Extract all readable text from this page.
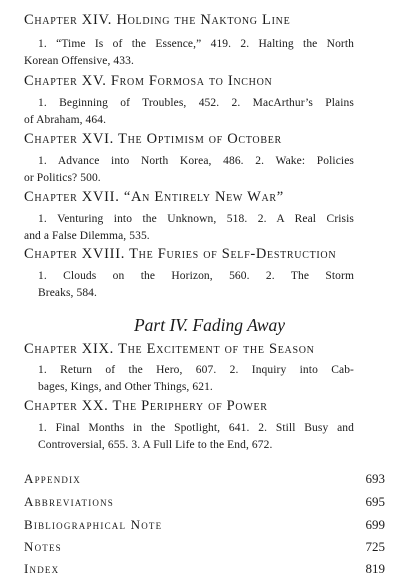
Chapter XIV. Holding the Naktong Line
1. “Time Is of the Essence,” 419. 2. Halting the North
Korean Offensive, 433.
Chapter XV. From Formosa to Inchon
1. Beginning of Troubles, 452. 2. MacArthur’s Plains
of Abraham, 464.
Chapter XVI. The Optimism of October
1. Advance into North Korea, 486. 2. Wake: Policies
or Politics? 500.
Chapter XVII. “An Entirely New War”
1. Venturing into the Unknown, 518. 2. A Real Crisis
and a False Dilemma, 535.
Chapter XVIII. The Furies of Self-Destruction
1. Clouds on the Horizon, 560. 2. The Storm
Breaks, 584.
Part IV. Fading Away
Chapter XIX. The Excitement of the Season
1. Return of the Hero, 607. 2. Inquiry into Cab-
bages, Kings, and Other Things, 621.
Chapter XX. The Periphery of Power
1. Final Months in the Spotlight, 641. 2. Still Busy and
Controversial, 655. 3. A Full Life to the End, 672.
Appendix	693
Abbreviations	695
Bibliographical Note	699
Notes	725
Index	819
